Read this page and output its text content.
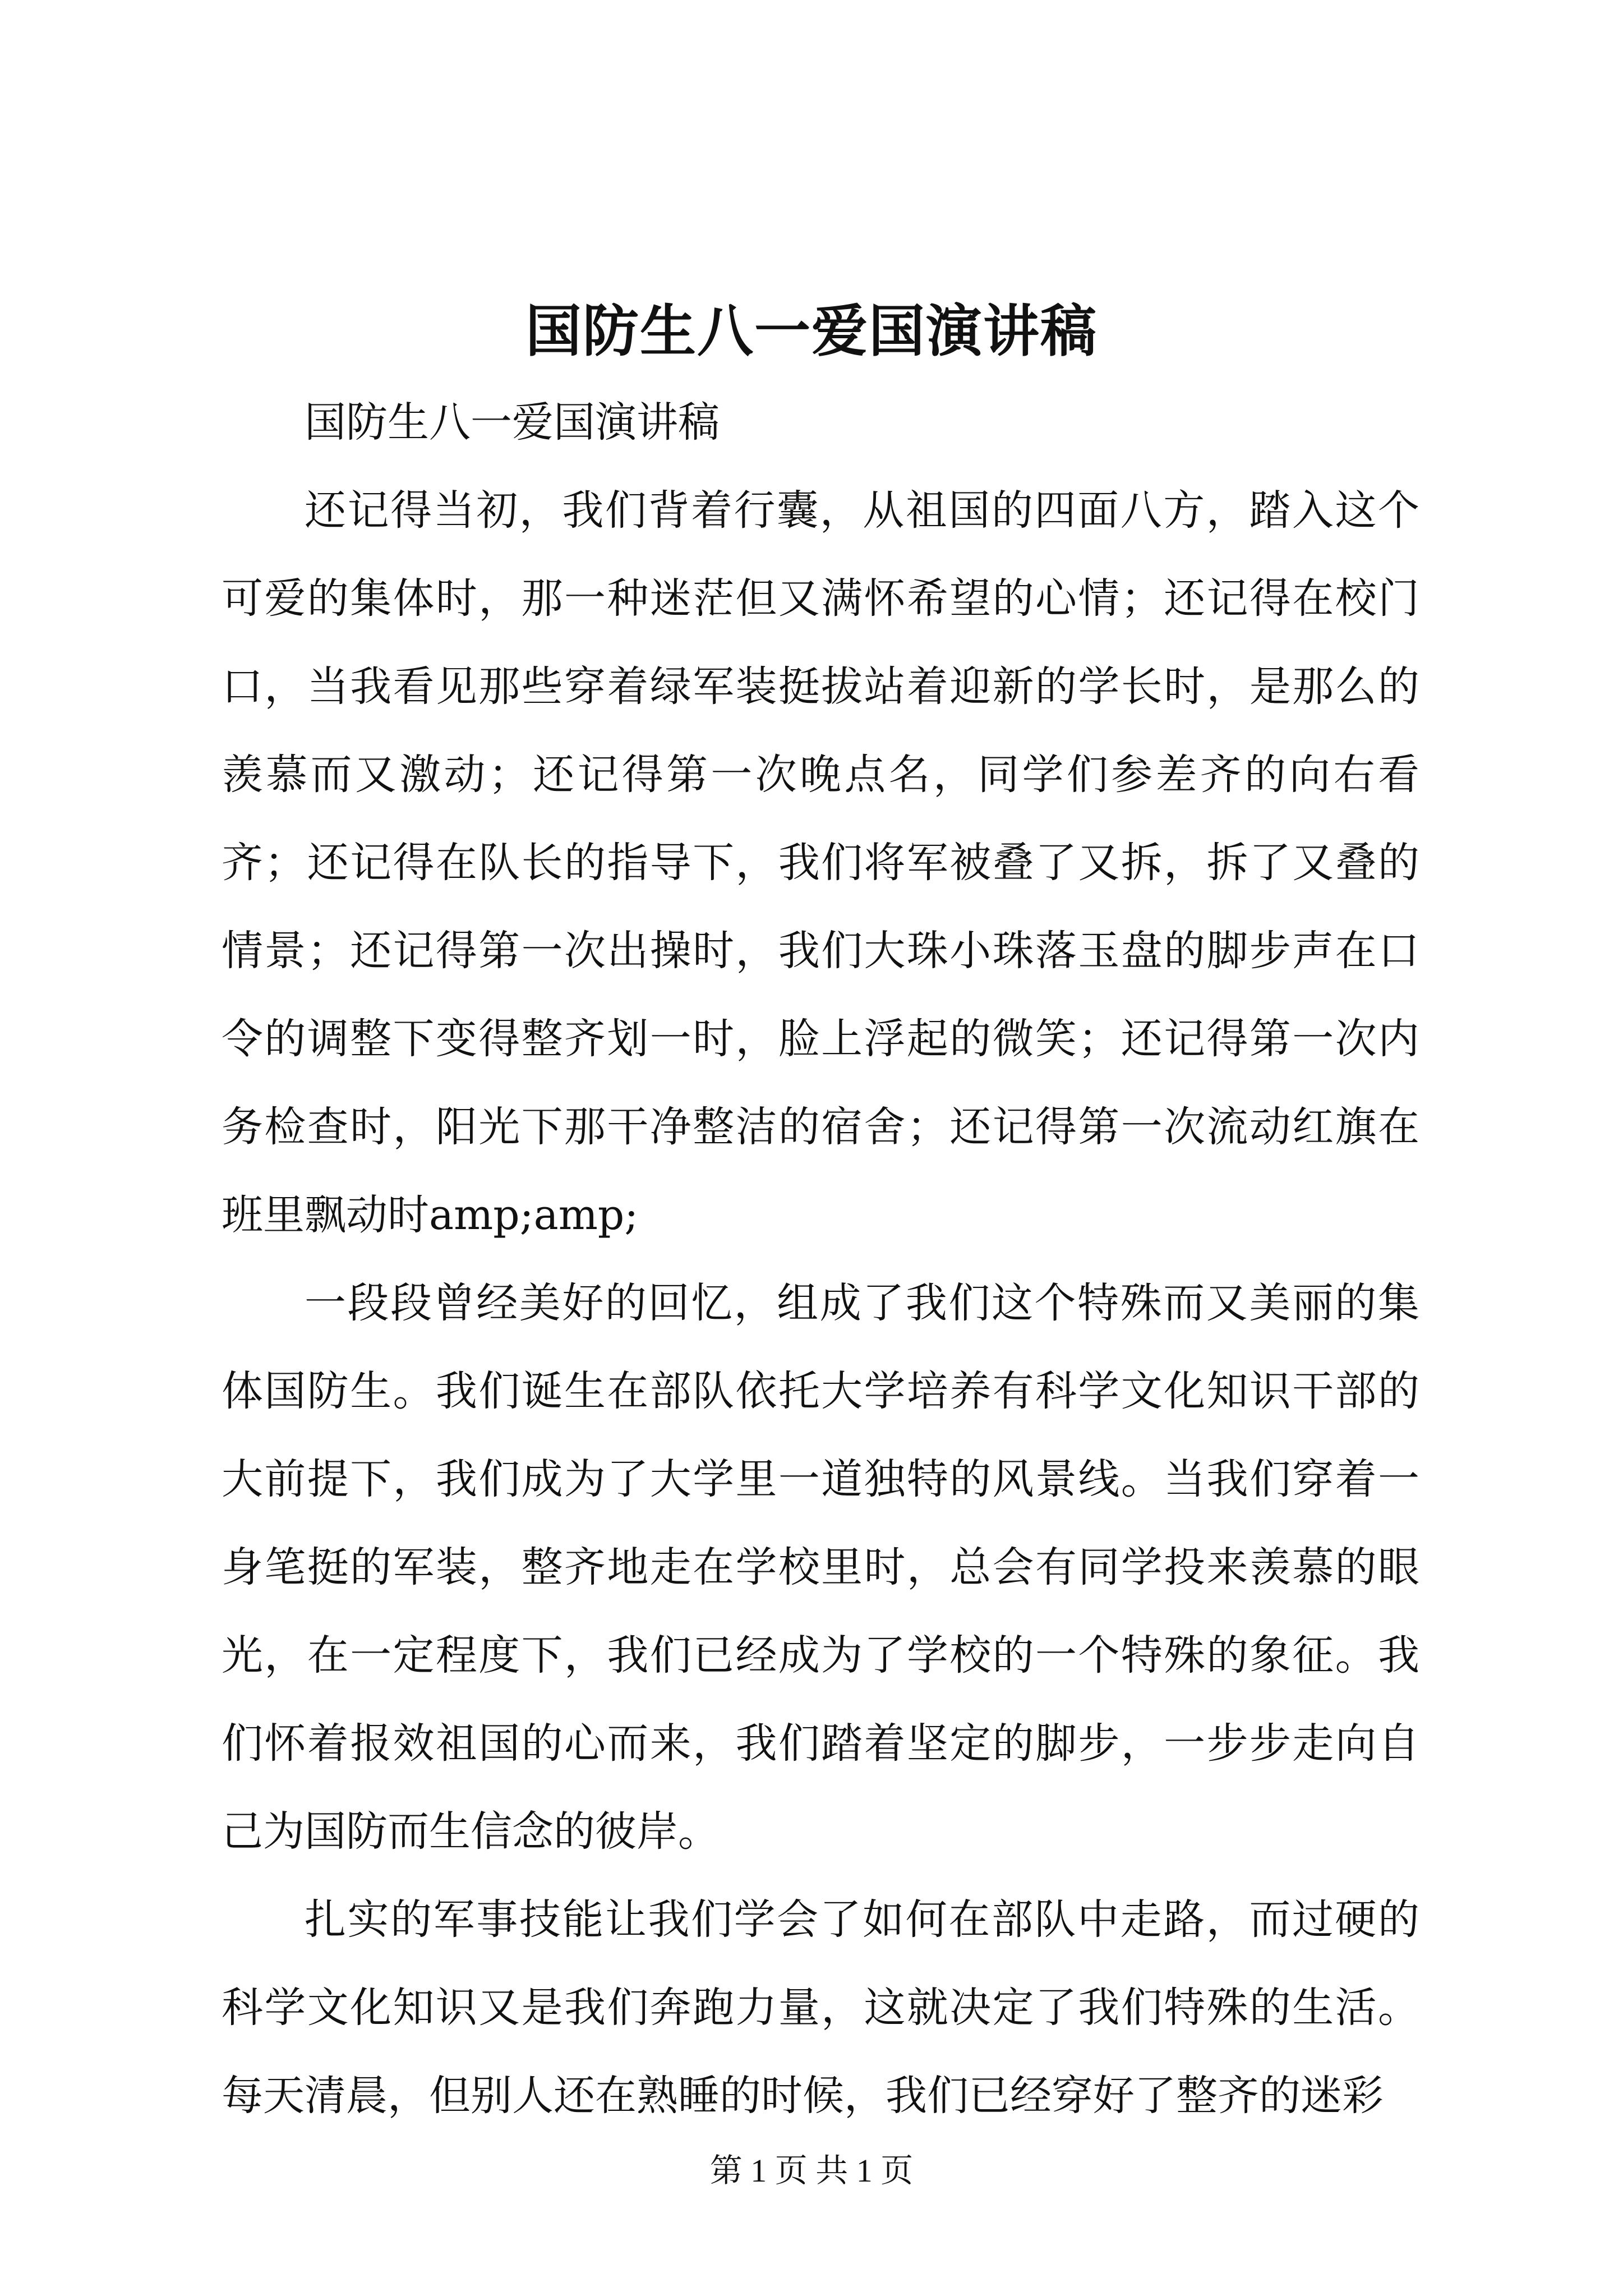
国防生八一爱国演讲稿

国防生八一爱国演讲稿

还记得当初，我们背着行囊，从祖国的四面八方，踏入这个可爱的集体时，那一种迷茫但又满怀希望的心情；还记得在校门口，当我看见那些穿着绿军装挺拔站着迎新的学长时，是那么的羡慕而又激动；还记得第一次晚点名，同学们参差齐的向右看齐；还记得在队长的指导下，我们将军被叠了又拆，拆了又叠的情景；还记得第一次出操时，我们大珠小珠落玉盘的脚步声在口令的调整下变得整齐划一时，脸上浮起的微笑；还记得第一次内务检查时，阳光下那干净整洁的宿舍；还记得第一次流动红旗在班里飘动时amp;amp;

一段段曾经美好的回忆，组成了我们这个特殊而又美丽的集体国防生。我们诞生在部队依托大学培养有科学文化知识干部的大前提下，我们成为了大学里一道独特的风景线。当我们穿着一身笔挺的军装，整齐地走在学校里时，总会有同学投来羡慕的眼光，在一定程度下，我们已经成为了学校的一个特殊的象征。我们怀着报效祖国的心而来，我们踏着坚定的脚步，一步步走向自己为国防而生信念的彼岸。

扎实的军事技能让我们学会了如何在部队中走路，而过硬的科学文化知识又是我们奔跑力量，这就决定了我们特殊的生活。每天清晨，但别人还在熟睡的时候，我们已经穿好了整齐的迷彩

第 1 页 共 1 页
